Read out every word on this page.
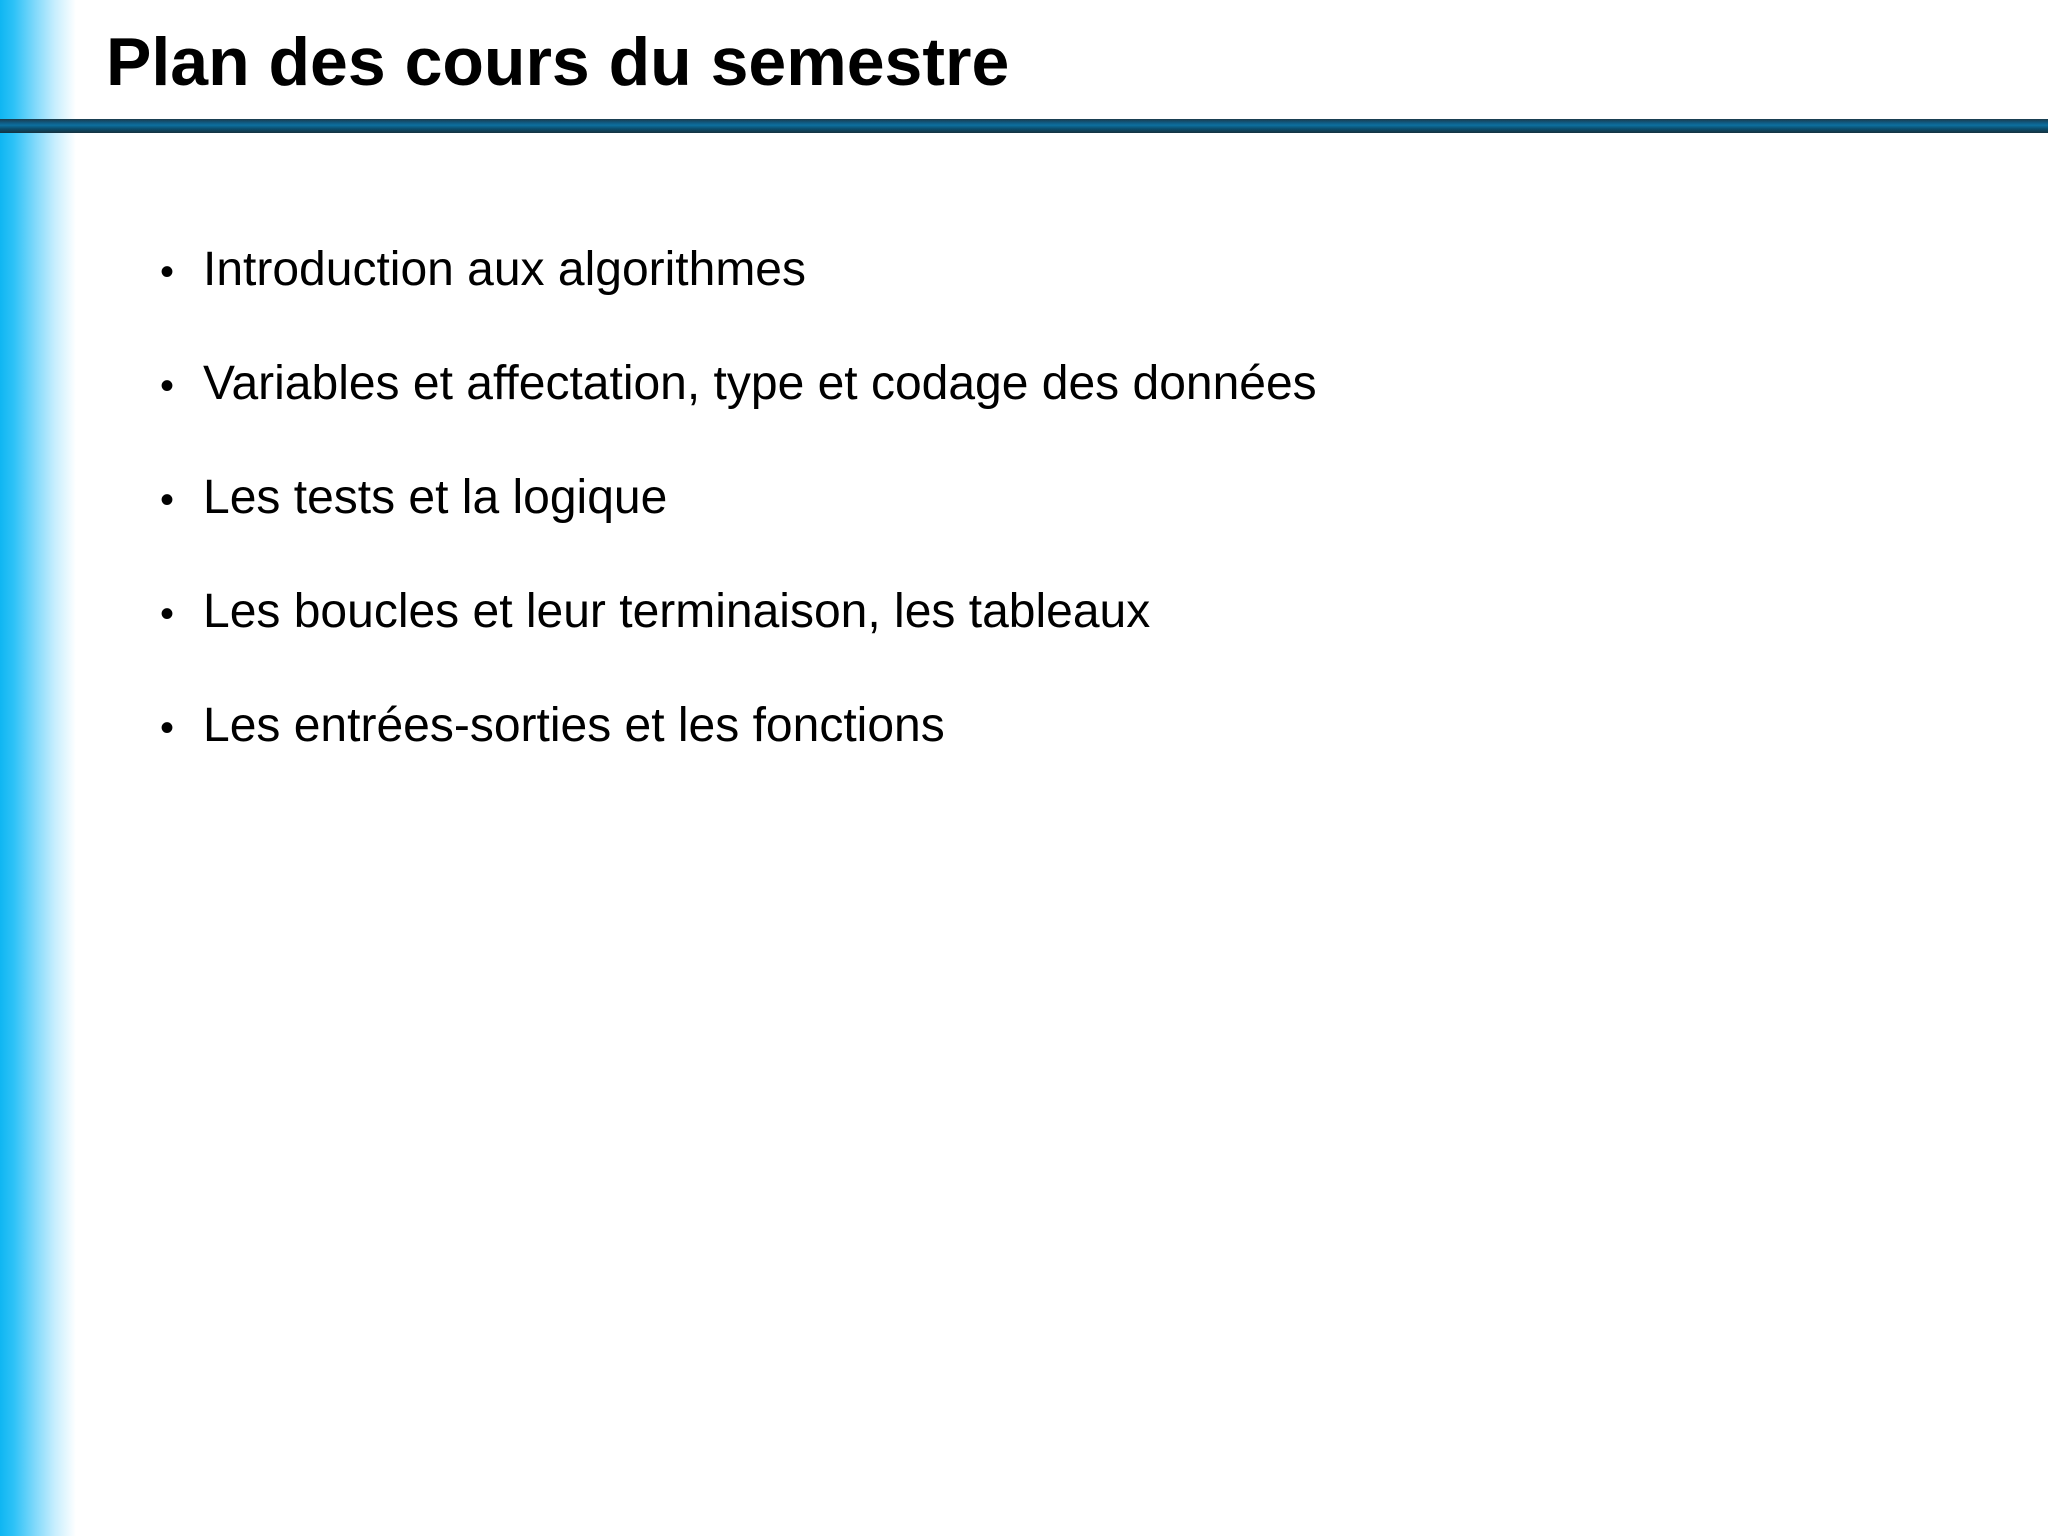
Plan des cours du semestre
• Introduction aux algorithmes
• Variables et affectation, type et codage des données
• Les tests et la logique
• Les boucles et leur terminaison, les tableaux
• Les entrées-sorties et les fonctions
